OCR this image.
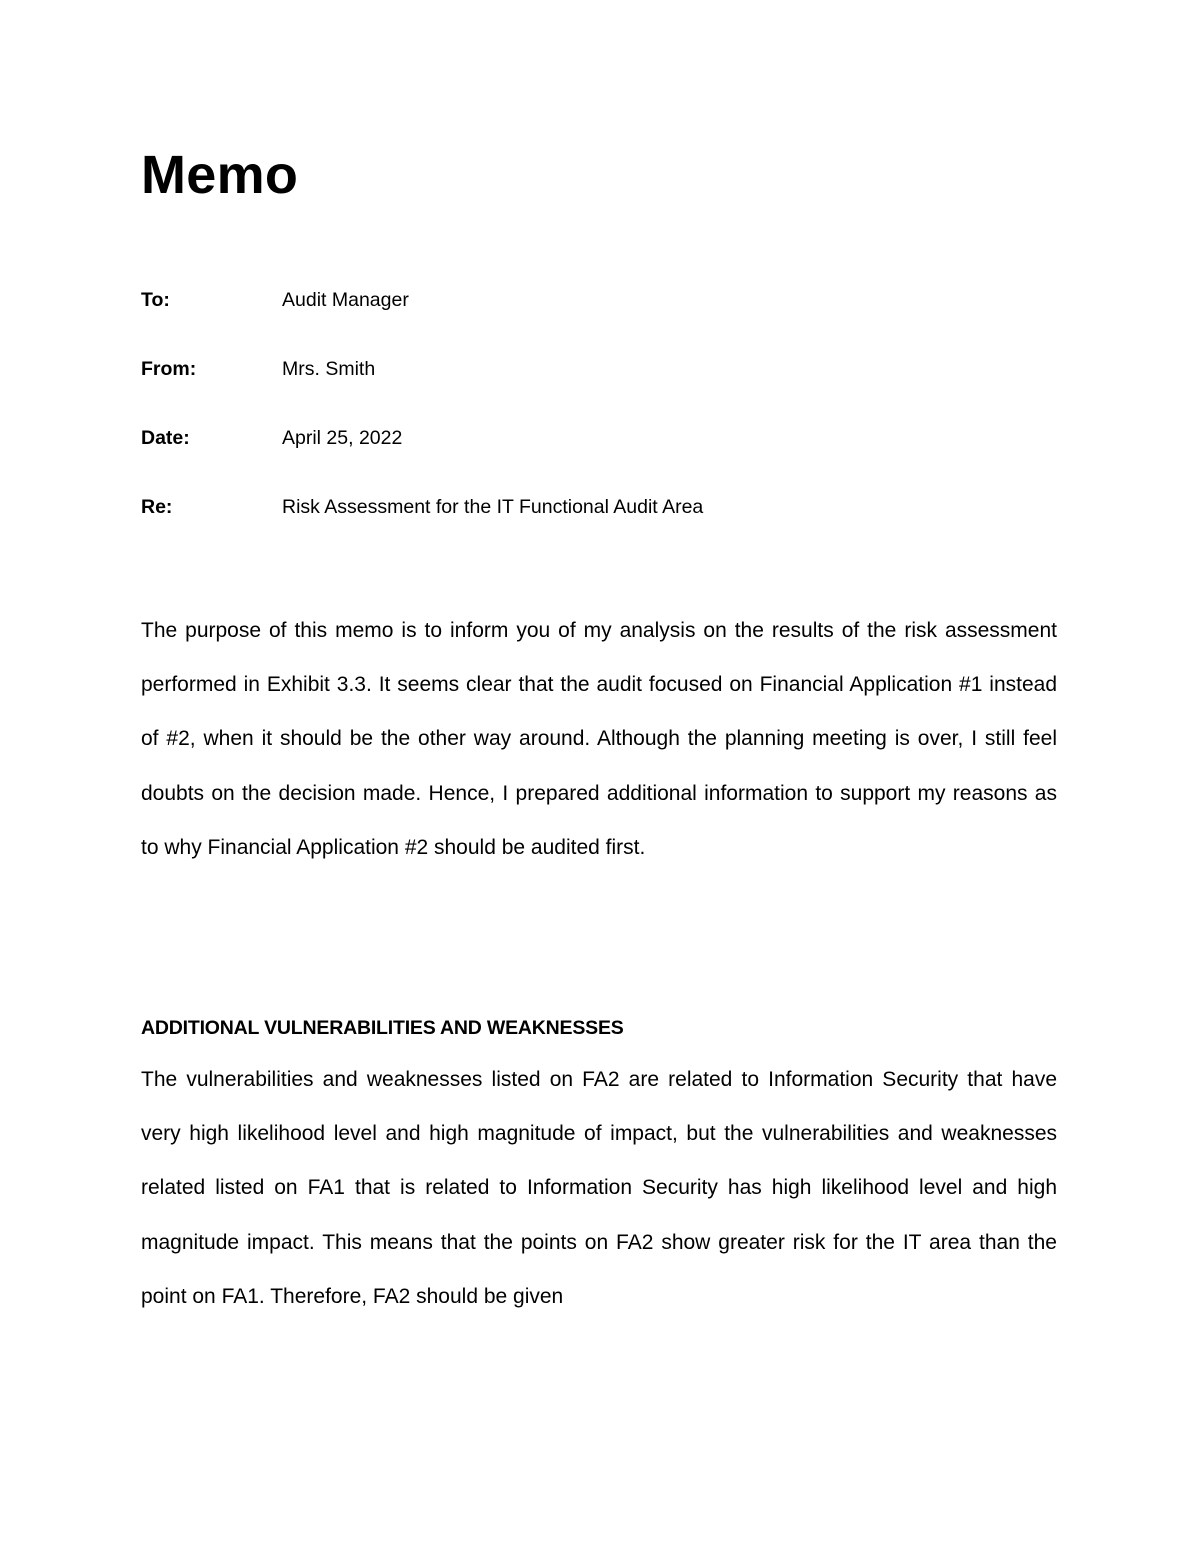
Memo
To:	Audit Manager
From:	Mrs. Smith
Date:	April 25, 2022
Re:	Risk Assessment for the IT Functional Audit Area

The purpose of this memo is to inform you of my analysis on the results of the risk assessment performed in Exhibit 3.3. It seems clear that the audit focused on Financial Application #1 instead of #2, when it should be the other way around. Although the planning meeting is over, I still feel doubts on the decision made. Hence, I prepared additional information to support my reasons as to why Financial Application #2 should be audited first.

ADDITIONAL VULNERABILITIES AND WEAKNESSES

The vulnerabilities and weaknesses listed on FA2 are related to Information Security that have very high likelihood level and high magnitude of impact, but the vulnerabilities and weaknesses related listed on FA1 that is related to Information Security has high likelihood level and high magnitude impact. This means that the points on FA2 show greater risk for the IT area than the point on FA1. Therefore, FA2 should be given
